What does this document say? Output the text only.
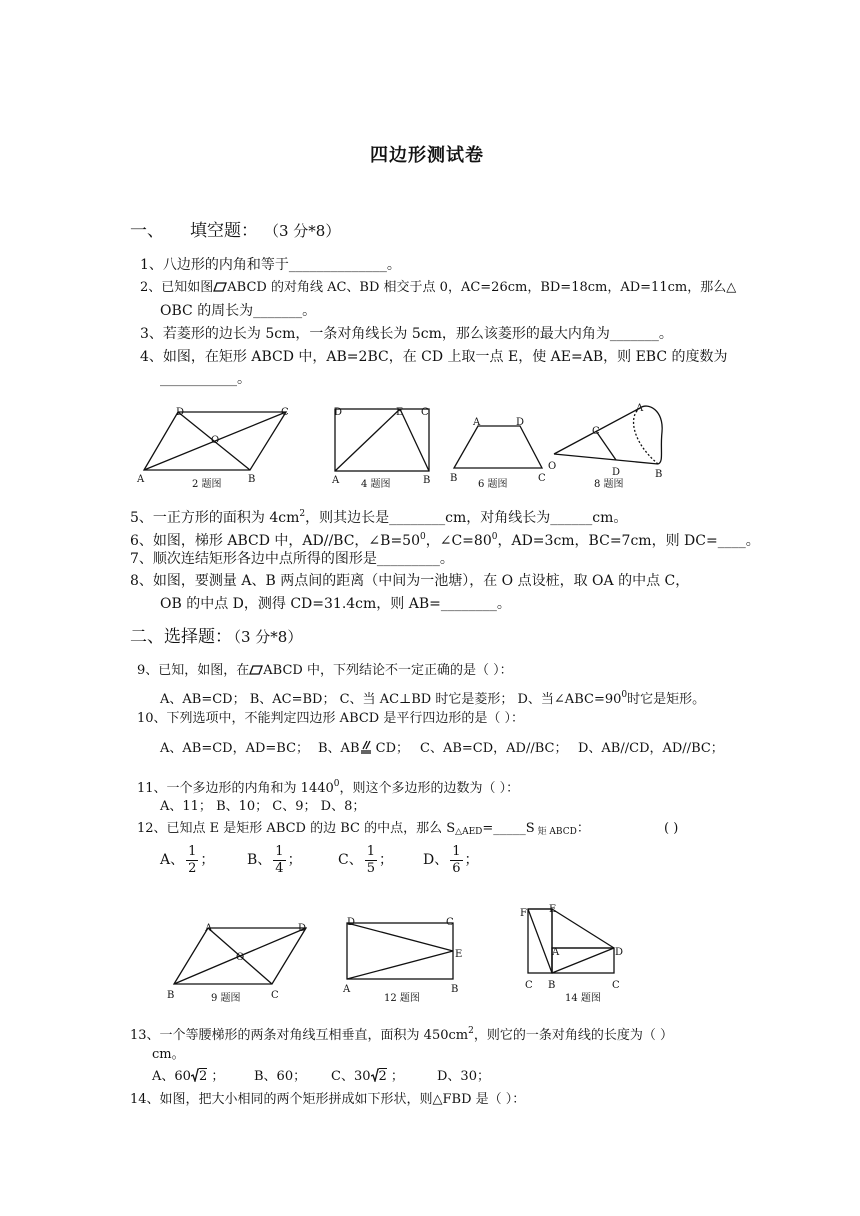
四边形测试卷
一、 填空题： （3 分*8）
1、八边形的内角和等于______________。
2、已知如图 ABCD 的对角线 AC、BD 相交于点 0，AC=26cm，BD=18cm，AD=11cm，那么△
OBC 的周长为_______。
3、若菱形的边长为 5cm，一条对角线长为 5cm，那么该菱形的最大内角为_______。
4、如图，在矩形 ABCD 中，AB=2BC，在 CD 上取一点 E，使 AE=AB，则 EBC 的度数为
___________。
D	C
O
A	B
2 题图
D	E C
A	B
4 题图
A	D
B	C
6 题图
A
C
O
D	B
8 题图
5、一正方形的面积为 $4cm^2$，则其边长是________cm，对角线长为______cm。
6、如图，梯形 ABCD 中，AD//BC，$\angle B=50^0$，$\angle C=80^0$，AD=3cm，BC=7cm，则 DC=____。
7、顺次连结矩形各边中点所得的图形是_________。
8、如图，要测量 A、B 两点间的距离（中间为一池塘），在 O 点设桩，取 OA 的中点 C，
OB 的中点 D，测得 CD=31.4cm，则 AB=________。
二、选择题：
（3 分*8）
9、已知，如图，在 ABCD 中，下列结论不一定正确的是（ ）：
A、AB=CD； B、AC=BD； C、当 AC⊥BD 时它是菱形； D、当$\angle ABC=90^0$时它是矩形。
10、下列选项中，不能判定四边形 ABCD 是平行四边形的是（ ）：
A、AB=CD，AD=BC； B、AB CD； C、AB=CD，AD//BC； D、AB//CD，AD//BC；
11、一个多边形的内角和为 1440$^0$，则这个多边形的边数为（ ）：
A、11； B、10； C、9； D、8；
12、已知点 E 是矩形 ABCD 的边 BC 的中点，那么 $S_{\triangle AED}=\_\_\_\_\_S$ $_{矩 ABCD}$：	( )
A、 $\frac{1}{2}$ ； B、 $\frac{1}{4}$ ；	C、 $\frac{1}{5}$ ； D、 $\frac{1}{6}$ ；
A	D
O
B	C
9 题图
D	C
E
A	B
12 题图
F E
A	D
C B	C
14 题图
13、一个等腰梯形的两条对角线互相垂直，面积为 $450cm^2$，则它的一条对角线的长度为（ ）
cm。
A、60 2 ； B、60； C、30 2 ；	D、30；
14、如图，把大小相同的两个矩形拼成如下形状，则△FBD 是（ ）：
